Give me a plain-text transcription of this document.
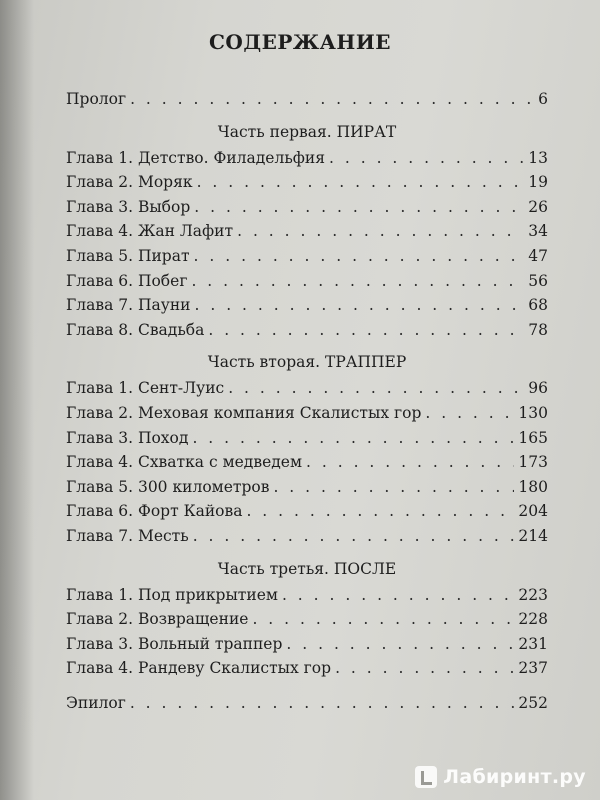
СОДЕРЖАНИЕ
Пролог . . .	6
Часть первая. ПИРАТ
Глава 1. Детство. Филадельфия . . .	13
Глава 2. Моряк . . .	19
Глава 3. Выбор . . .	26
Глава 4. Жан Лафит . . .	34
Глава 5. Пират . . .	47
Глава 6. Побег . . .	56
Глава 7. Пауни . . .	68
Глава 8. Свадьба . . .	78
Часть вторая. ТРАППЕР
Глава 1. Сент-Луис . . .	96
Глава 2. Меховая компания Скалистых гор . . .	130
Глава 3. Поход . . .	165
Глава 4. Схватка с медведем . . .	173
Глава 5. 300 километров . . .	180
Глава 6. Форт Кайова . . .	204
Глава 7. Месть . . .	214
Часть третья. ПОСЛЕ
Глава 1. Под прикрытием . . .	223
Глава 2. Возвращение . . .	228
Глава 3. Вольный траппер . . .	231
Глава 4. Рандеву Скалистых гор . . .	237
Эпилог . . .	252
Лабиринт.ру
